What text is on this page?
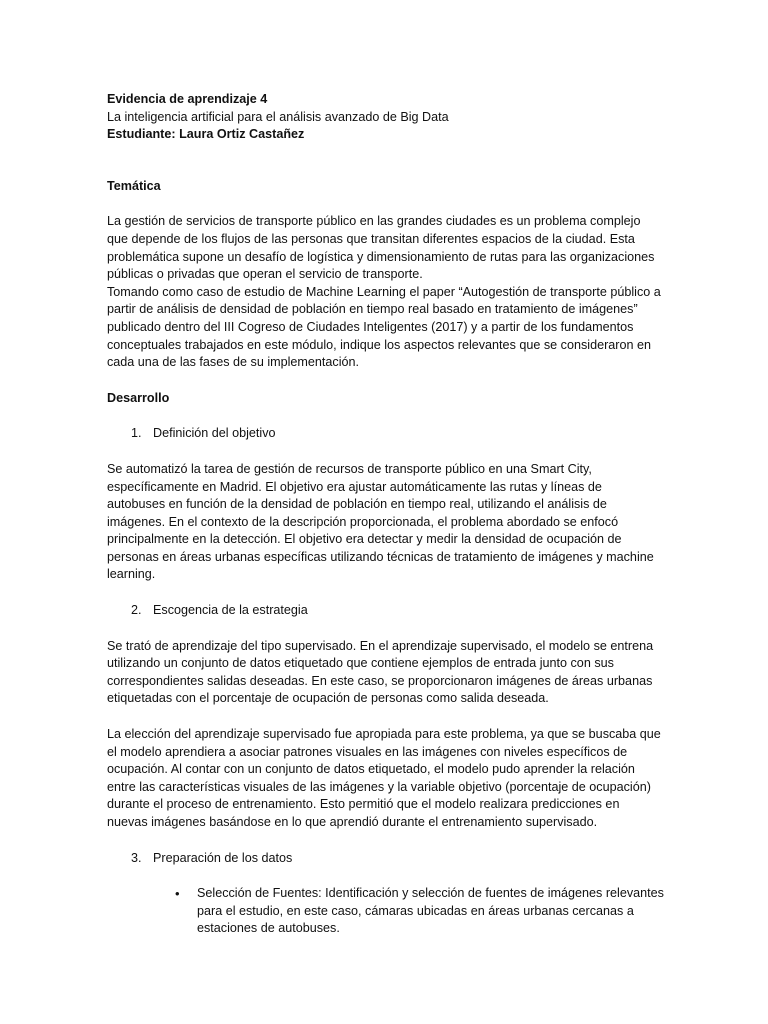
Evidencia de aprendizaje 4

La inteligencia artificial para el análisis avanzado de Big Data

Estudiante: Laura Ortiz Castañez

Temática

La gestión de servicios de transporte público en las grandes ciudades es un problema complejo que depende de los flujos de las personas que transitan diferentes espacios de la ciudad. Esta problemática supone un desafío de logística y dimensionamiento de rutas para las organizaciones públicas o privadas que operan el servicio de transporte.

Tomando como caso de estudio de Machine Learning el paper “Autogestión de transporte público a partir de análisis de densidad de población en tiempo real basado en tratamiento de imágenes” publicado dentro del III Cogreso de Ciudades Inteligentes (2017) y a partir de los fundamentos conceptuales trabajados en este módulo, indique los aspectos relevantes que se consideraron en cada una de las fases de su implementación.

Desarrollo

1. Definición del objetivo

Se automatizó la tarea de gestión de recursos de transporte público en una Smart City, específicamente en Madrid. El objetivo era ajustar automáticamente las rutas y líneas de autobuses en función de la densidad de población en tiempo real, utilizando el análisis de imágenes. En el contexto de la descripción proporcionada, el problema abordado se enfocó principalmente en la detección. El objetivo era detectar y medir la densidad de ocupación de personas en áreas urbanas específicas utilizando técnicas de tratamiento de imágenes y machine learning.

2. Escogencia de la estrategia

Se trató de aprendizaje del tipo supervisado. En el aprendizaje supervisado, el modelo se entrena utilizando un conjunto de datos etiquetado que contiene ejemplos de entrada junto con sus correspondientes salidas deseadas. En este caso, se proporcionaron imágenes de áreas urbanas etiquetadas con el porcentaje de ocupación de personas como salida deseada.

La elección del aprendizaje supervisado fue apropiada para este problema, ya que se buscaba que el modelo aprendiera a asociar patrones visuales en las imágenes con niveles específicos de ocupación. Al contar con un conjunto de datos etiquetado, el modelo pudo aprender la relación entre las características visuales de las imágenes y la variable objetivo (porcentaje de ocupación) durante el proceso de entrenamiento. Esto permitió que el modelo realizara predicciones en nuevas imágenes basándose en lo que aprendió durante el entrenamiento supervisado.

3. Preparación de los datos
•	Selección de Fuentes: Identificación y selección de fuentes de imágenes relevantes para el estudio, en este caso, cámaras ubicadas en áreas urbanas cercanas a estaciones de autobuses.
